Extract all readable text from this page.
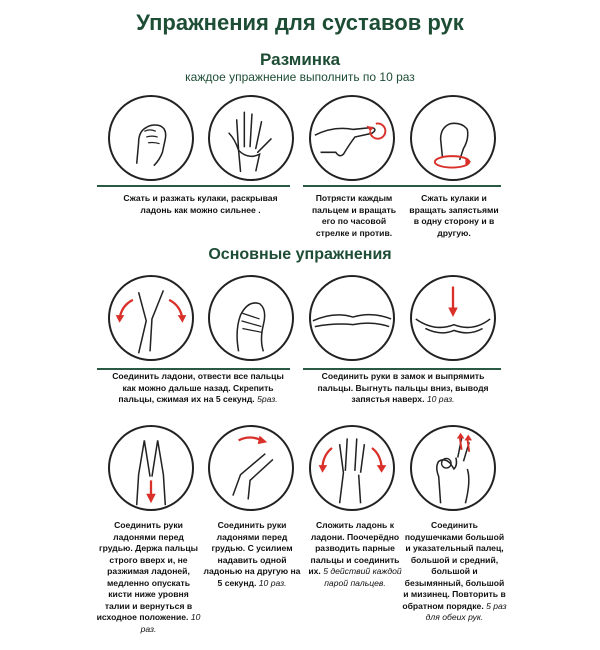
Упражнения для суставов рук
Разминка
каждое упражнение выполнить по 10 раз
Сжать и разжать кулаки, раскрывая ладонь как можно сильнее .
Потрясти каждым пальцем и вращать его по часовой стрелке и против.
Сжать кулаки и вращать запястьями в одну сторону и в другую.
Основные упражнения
Соединить ладони, отвести все пальцы как можно дальше назад. Скрепить пальцы, сжимая их на 5 секунд. 5раз.
Соединить руки в замок и выпрямить пальцы. Выгнуть пальцы вниз, выводя запястья наверх. 10 раз.
Соединить руки ладонями перед грудью. Держа пальцы строго вверх и, не разжимая ладоней, медленно опускать кисти ниже уровня талии и вернуться в исходное положение. 10 раз.
Соединить руки ладонями перед грудью. С усилием надавить одной ладонью на другую на 5 секунд. 10 раз.
Сложить ладонь к ладони. Поочерёдно разводить парные пальцы и соединить их. 5 действий каждой парой пальцев.
Соединить подушечками большой и указательный палец, большой и средний, большой и безымянный, большой и мизинец. Повторить в обратном порядке. 5 раз для обеих рук.
